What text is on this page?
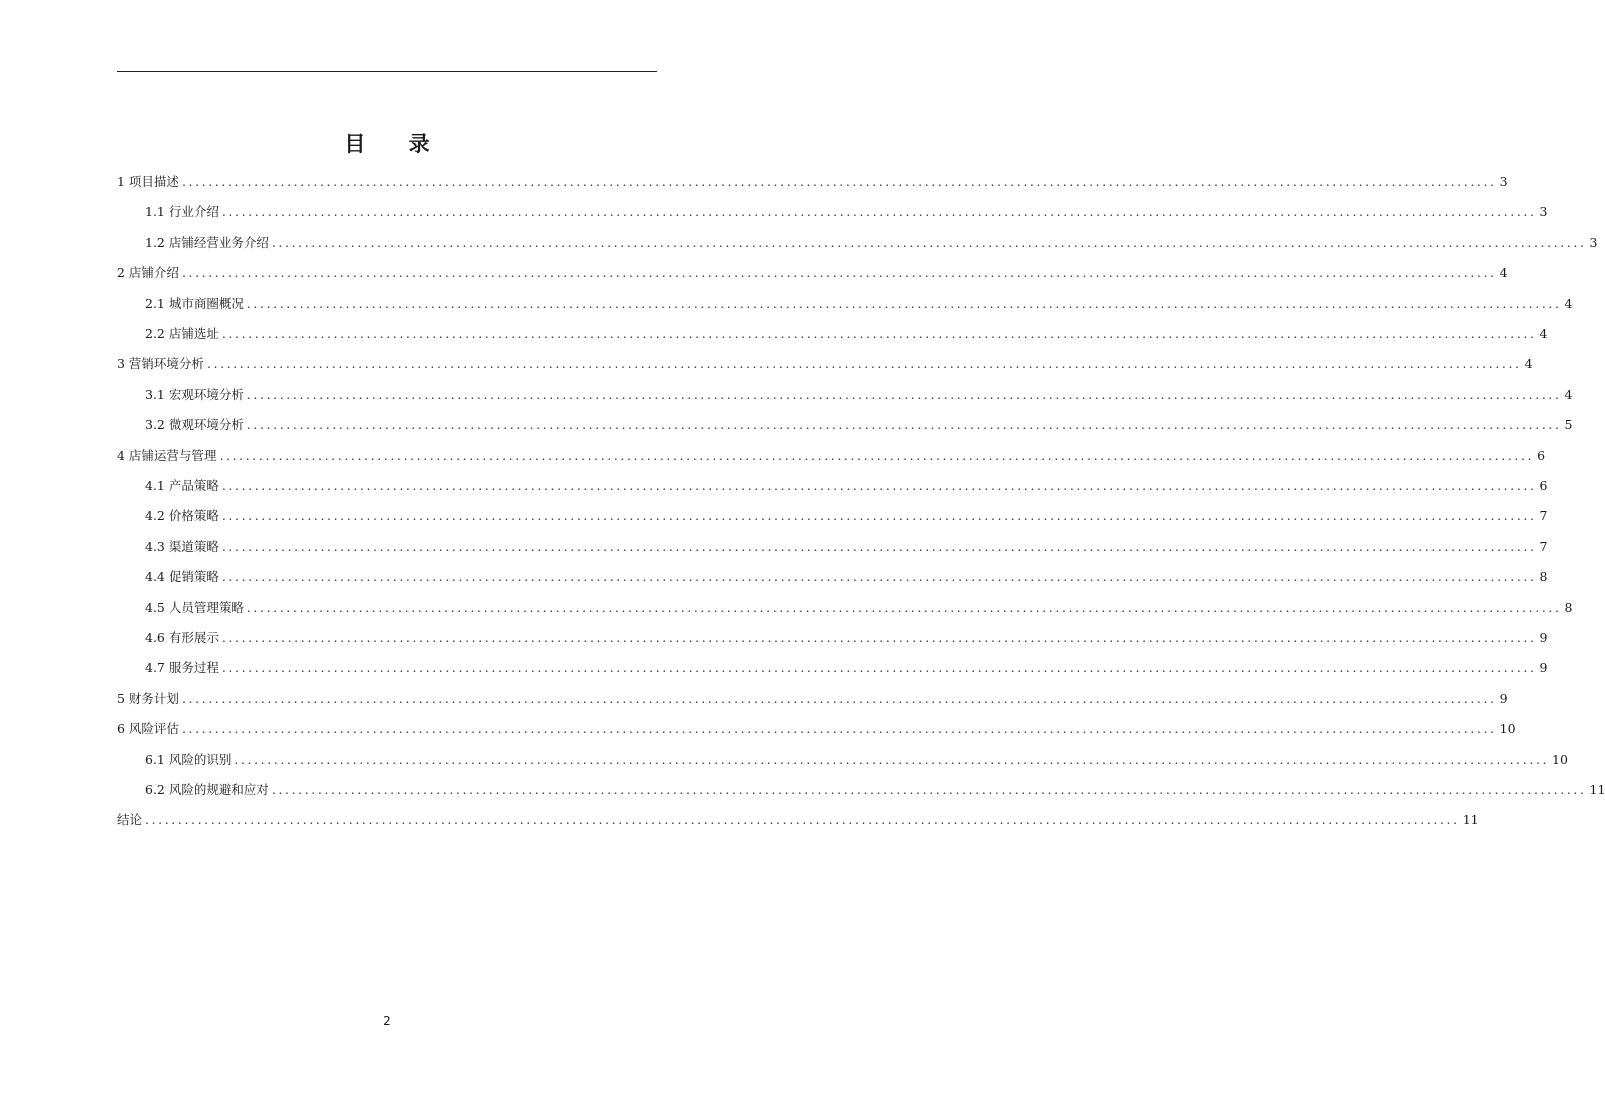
目 录
1 项目描述 ........................................................................................................................................................................................................ 3
1.1 行业介绍 ........................................................................................................................................................................................................ 3
1.2 店铺经营业务介绍 ........................................................................................................................................................................................................ 3
2 店铺介绍 ........................................................................................................................................................................................................ 4
2.1 城市商圈概况 ........................................................................................................................................................................................................ 4
2.2 店铺选址 ........................................................................................................................................................................................................ 4
3 营销环境分析 ........................................................................................................................................................................................................ 4
3.1 宏观环境分析 ........................................................................................................................................................................................................ 4
3.2 微观环境分析 ........................................................................................................................................................................................................ 5
4 店铺运营与管理 ........................................................................................................................................................................................................ 6
4.1 产品策略 ........................................................................................................................................................................................................ 6
4.2 价格策略 ........................................................................................................................................................................................................ 7
4.3 渠道策略 ........................................................................................................................................................................................................ 7
4.4 促销策略 ........................................................................................................................................................................................................ 8
4.5 人员管理策略 ........................................................................................................................................................................................................ 8
4.6 有形展示 ........................................................................................................................................................................................................ 9
4.7 服务过程 ........................................................................................................................................................................................................ 9
5 财务计划 ........................................................................................................................................................................................................ 9
6 风险评估 ........................................................................................................................................................................................................ 10
6.1 风险的识别 ........................................................................................................................................................................................................ 10
6.2 风险的规避和应对 ........................................................................................................................................................................................................ 11
结论 ........................................................................................................................................................................................................ 11
2
